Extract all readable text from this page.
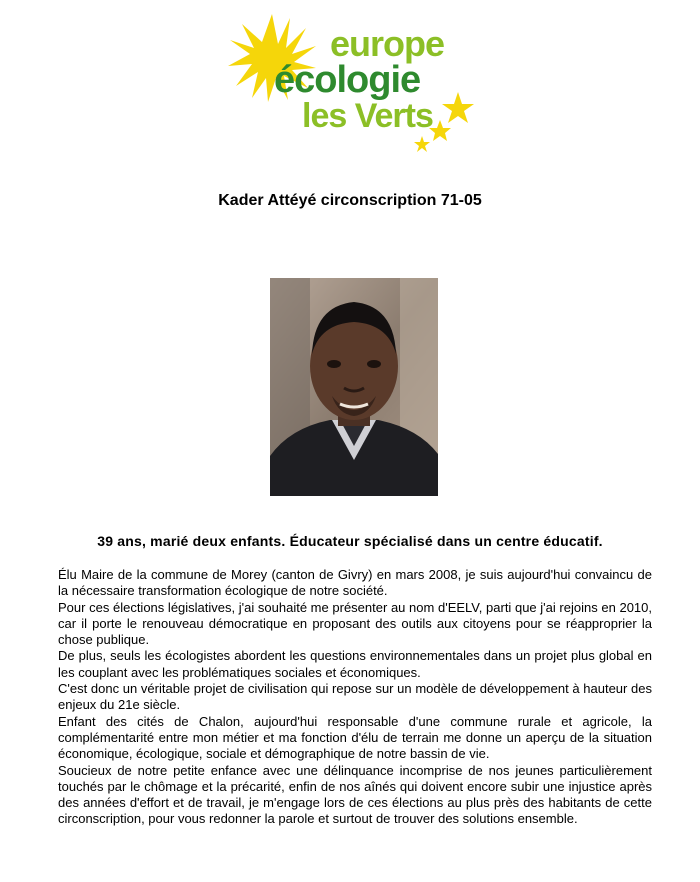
europe
écologie
les Verts
Kader Attéyé circonscription 71-05
39 ans, marié deux enfants. Éducateur spécialisé dans un centre éducatif.

Élu Maire de la commune de Morey (canton de Givry) en mars 2008, je suis aujourd'hui convaincu de la nécessaire transformation écologique de notre société.

Pour ces élections législatives, j'ai souhaité me présenter au nom d'EELV, parti que j'ai rejoins en 2010, car il porte le renouveau démocratique en proposant des outils aux citoyens pour se réapproprier la chose publique.

De plus, seuls les écologistes abordent les questions environnementales dans un projet plus global en les couplant avec les problématiques sociales et économiques.

C'est donc un véritable projet de civilisation qui repose sur un modèle de développement à hauteur des enjeux du 21e siècle.

Enfant des cités de Chalon, aujourd'hui responsable d'une commune rurale et agricole, la complémentarité entre mon métier et ma fonction d'élu de terrain me donne un aperçu de la situation économique, écologique, sociale et démographique de notre bassin de vie.

Soucieux de notre petite enfance avec une délinquance incomprise de nos jeunes particulièrement touchés par le chômage et la précarité, enfin de nos aînés qui doivent encore subir une injustice après des années d'effort et de travail, je m'engage lors de ces élections au plus près des habitants de cette circonscription, pour vous redonner la parole et surtout de trouver des solutions ensemble.
